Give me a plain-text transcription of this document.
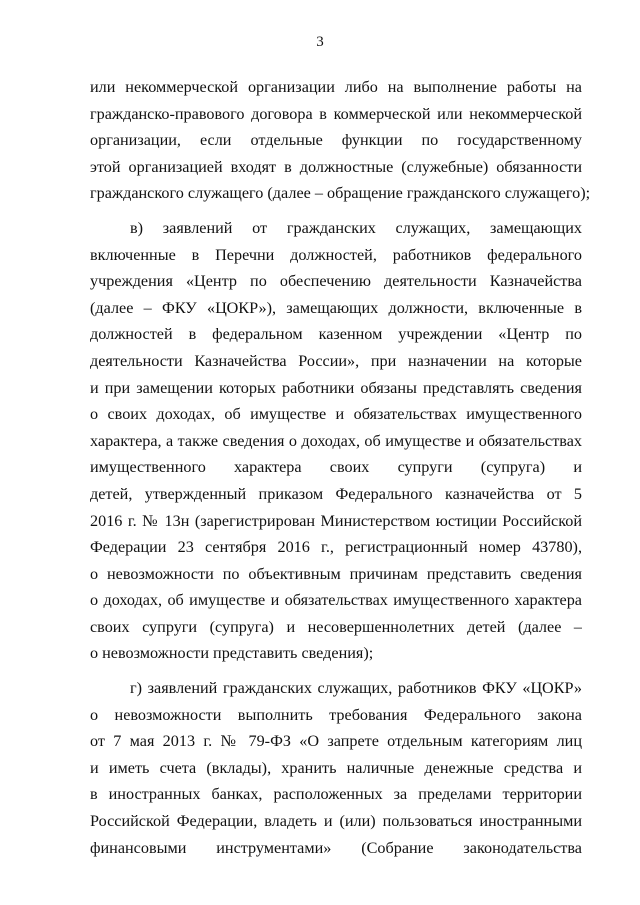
3
или некоммерческой организации либо на выполнение работы на
гражданско-правового договора в коммерческой или некоммерческой
организации, если отдельные функции по государственному
этой организацией входят в должностные (служебные) обязанности
гражданского служащего (далее – обращение гражданского служащего);
в) заявлений от гражданских служащих, замещающих
включенные в Перечни должностей, работников федерального
учреждения «Центр по обеспечению деятельности Казначейства
(далее – ФКУ «ЦОКР»), замещающих должности, включенные в
должностей в федеральном казенном учреждении «Центр по
деятельности Казначейства России», при назначении на которые
и при замещении которых работники обязаны представлять сведения
о своих доходах, об имуществе и обязательствах имущественного
характера, а также сведения о доходах, об имуществе и обязательствах
имущественного характера своих супруги (супруга) и
детей, утвержденный приказом Федерального казначейства от 5
2016 г. № 13н (зарегистрирован Министерством юстиции Российской
Федерации 23 сентября 2016 г., регистрационный номер 43780),
о невозможности по объективным причинам представить сведения
о доходах, об имуществе и обязательствах имущественного характера
своих супруги (супруга) и несовершеннолетних детей (далее –
о невозможности представить сведения);
г) заявлений гражданских служащих, работников ФКУ «ЦОКР»
о невозможности выполнить требования Федерального закона
от 7 мая 2013 г. № 79-ФЗ «О запрете отдельным категориям лиц
и иметь счета (вклады), хранить наличные денежные средства и
в иностранных банках, расположенных за пределами территории
Российской Федерации, владеть и (или) пользоваться иностранными
финансовыми инструментами» (Собрание законодательства
